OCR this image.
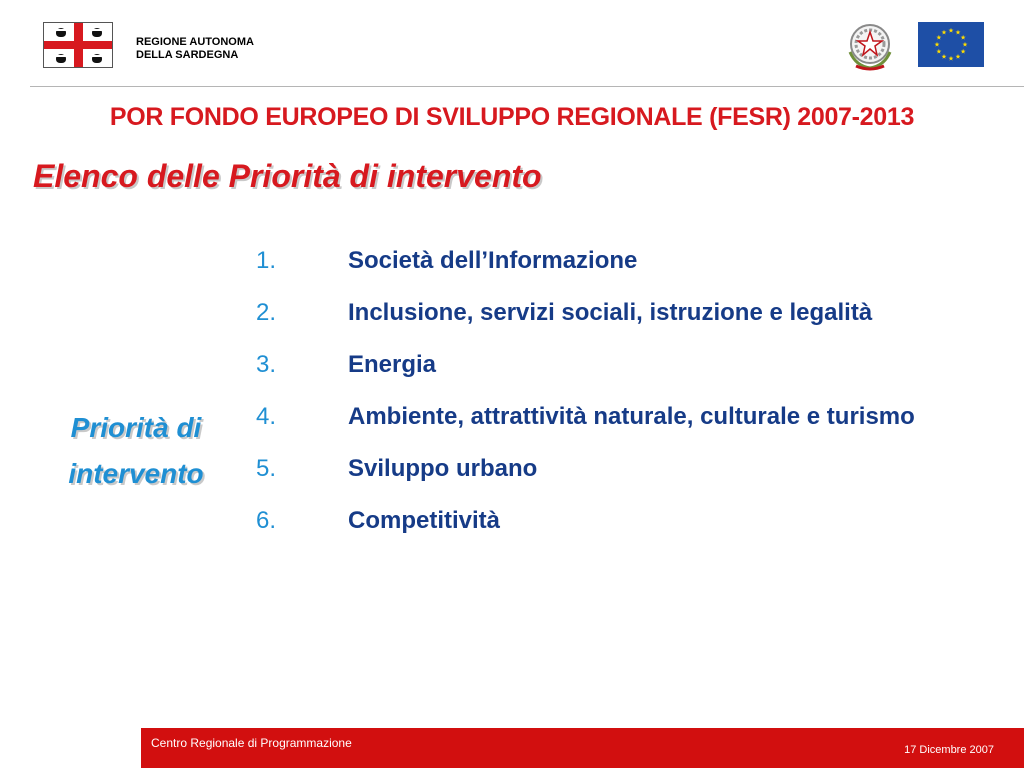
REGIONE AUTONOMA
DELLA SARDEGNA
POR FONDO EUROPEO DI SVILUPPO REGIONALE (FESR) 2007-2013
Elenco delle Priorità di intervento
Priorità di
intervento
1.	Società dell’Informazione
2.	Inclusione, servizi sociali, istruzione e legalità
3.	Energia
4.	Ambiente, attrattività naturale, culturale e turismo
5.	Sviluppo urbano
6.	Competitività
Centro Regionale di Programmazione	17 Dicembre 2007
